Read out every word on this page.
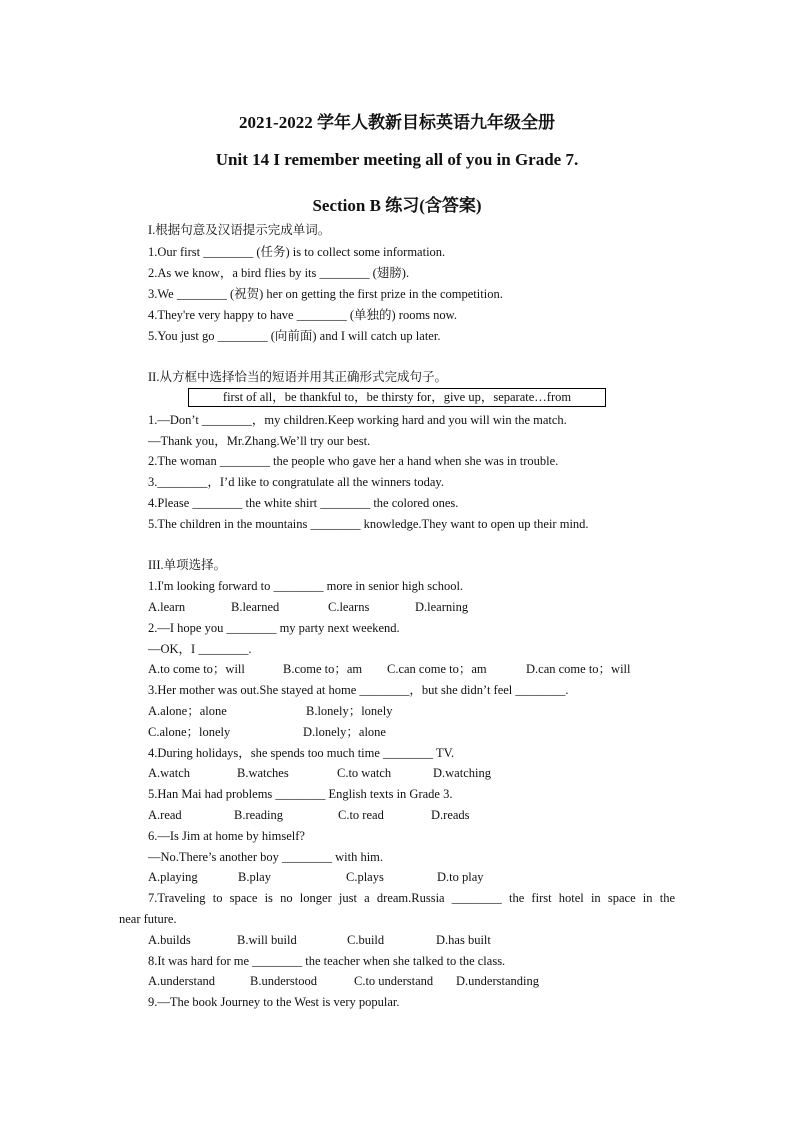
2021-2022 学年人教新目标英语九年级全册
Unit 14 I remember meeting all of you in Grade 7.
Section B 练习(含答案)
I.根据句意及汉语提示完成单词。
1.Our first ________ (任务) is to collect some information.
2.As we know，a bird flies by its ________ (翅膀).
3.We ________ (祝贺) her on getting the first prize in the competition.
4.They're very happy to have ________ (单独的) rooms now.
5.You just go ________ (向前面) and I will catch up later.
II.从方框中选择恰当的短语并用其正确形式完成句子。
first of all，be thankful to，be thirsty for，give up，separate…from
1.—Don’t ________，my children.Keep working hard and you will win the match.
—Thank you，Mr.Zhang.We’ll try our best.
2.The woman ________ the people who gave her a hand when she was in trouble.
3.________，I’d like to congratulate all the winners today.
4.Please ________ the white shirt ________ the colored ones.
5.The children in the mountains ________ knowledge.They want to open up their mind.
III.单项选择。
1.I'm looking forward to ________ more in senior high school.
A.learn	B.learned	C.learns	D.learning
2.—I hope you ________ my party next weekend.
—OK，I ________.
A.to come to；will	B.come to；am C.can come to；am	D.can come to；will
3.Her mother was out.She stayed at home ________，but she didn’t feel ________.
A.alone；alone	B.lonely；lonely
C.alone；lonely	D.lonely；alone
4.During holidays，she spends too much time ________ TV.
A.watch	B.watches	C.to watch	D.watching
5.Han Mai had problems ________ English texts in Grade 3.
A.read	B.reading	C.to read	D.reads
6.—Is Jim at home by himself?
—No.There’s another boy ________ with him.
A.playing	B.play	C.plays	D.to play
7.Traveling to space is no longer just a dream.Russia ________ the first hotel in space in the
near future.
A.builds	B.will build	C.build	D.has built
8.It was hard for me ________ the teacher when she talked to the class.
A.understand	B.understood	C.to understand D.understanding
9.—The book Journey to the West is very popular.
